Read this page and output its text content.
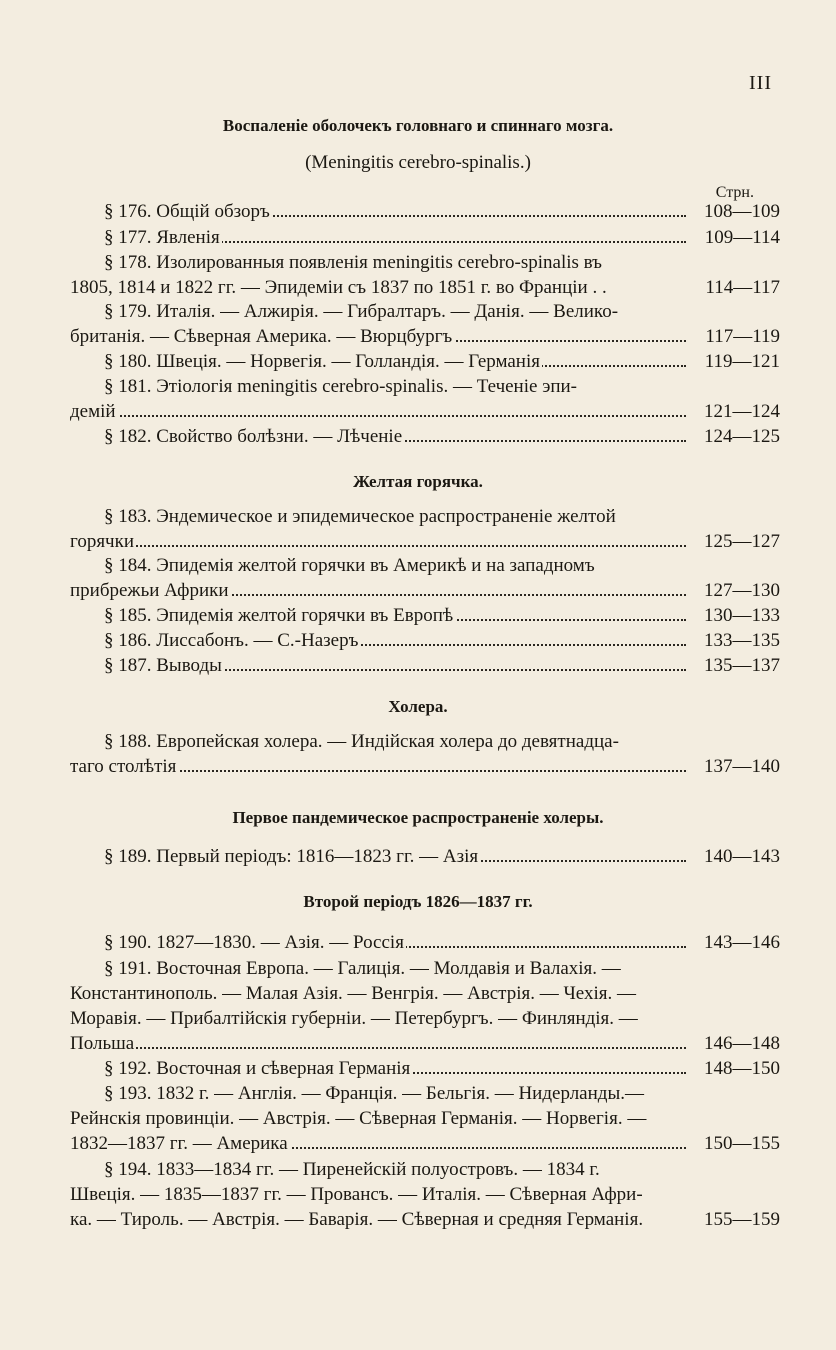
III
Воспаленіе оболочекъ головнаго и спиннаго мозга.
(Meningitis cerebro-spinalis.)
Стрн.
§ 176. Общій обзоръ	108—109
§ 177. Явленія	109—114
§ 178. Изолированныя появленія meningitis cerebro-spinalis въ
1805, 1814 и 1822 гг. — Эпидеміи съ 1837 по 1851 г. во Франціи . .	114—117
§ 179. Италія. — Алжирія. — Гибралтаръ. — Данія. — Велико-
британія. — Сѣверная Америка. — Вюрцбургъ	117—119
§ 180. Швеція. — Норвегія. — Голландія. — Германія	119—121
§ 181. Этіологія meningitis cerebro-spinalis. — Теченіе эпи-
демій	121—124
§ 182. Свойство болѣзни. — Лѣченіе	124—125
Желтая горячка.
§ 183. Эндемическое и эпидемическое распространеніе желтой
горячки	125—127
§ 184. Эпидемія желтой горячки въ Америкѣ и на западномъ
прибрежьи Африки	127—130
§ 185. Эпидемія желтой горячки въ Европѣ	130—133
§ 186. Лиссабонъ. — С.-Назеръ	133—135
§ 187. Выводы	135—137
Холера.
§ 188. Европейская холера. — Индійская холера до девятнадца-
таго столѣтія	137—140
Первое пандемическое распространеніе холеры.
§ 189. Первый періодъ: 1816—1823 гг. — Азія	140—143
Второй періодъ 1826—1837 гг.
§ 190. 1827—1830. — Азія. — Россія	143—146
§ 191. Восточная Европа. — Галиція. — Молдавія и Валахія. —
Константинополь. — Малая Азія. — Венгрія. — Австрія. — Чехія. —
Моравія. — Прибалтійскія губерніи. — Петербургъ. — Финляндія. —
Польша	146—148
§ 192. Восточная и сѣверная Германія	148—150
§ 193. 1832 г. — Англія. — Франція. — Бельгія. — Нидерланды.—
Рейнскія провинціи. — Австрія. — Сѣверная Германія. — Норвегія. —
1832—1837 гг. — Америка	150—155
§ 194. 1833—1834 гг. — Пиренейскій полуостровъ. — 1834 г.
Швеція. — 1835—1837 гг. — Провансъ. — Италія. — Сѣверная Афри-
ка. — Тироль. — Австрія. — Баварія. — Сѣверная и средняя Германія.	155—159
